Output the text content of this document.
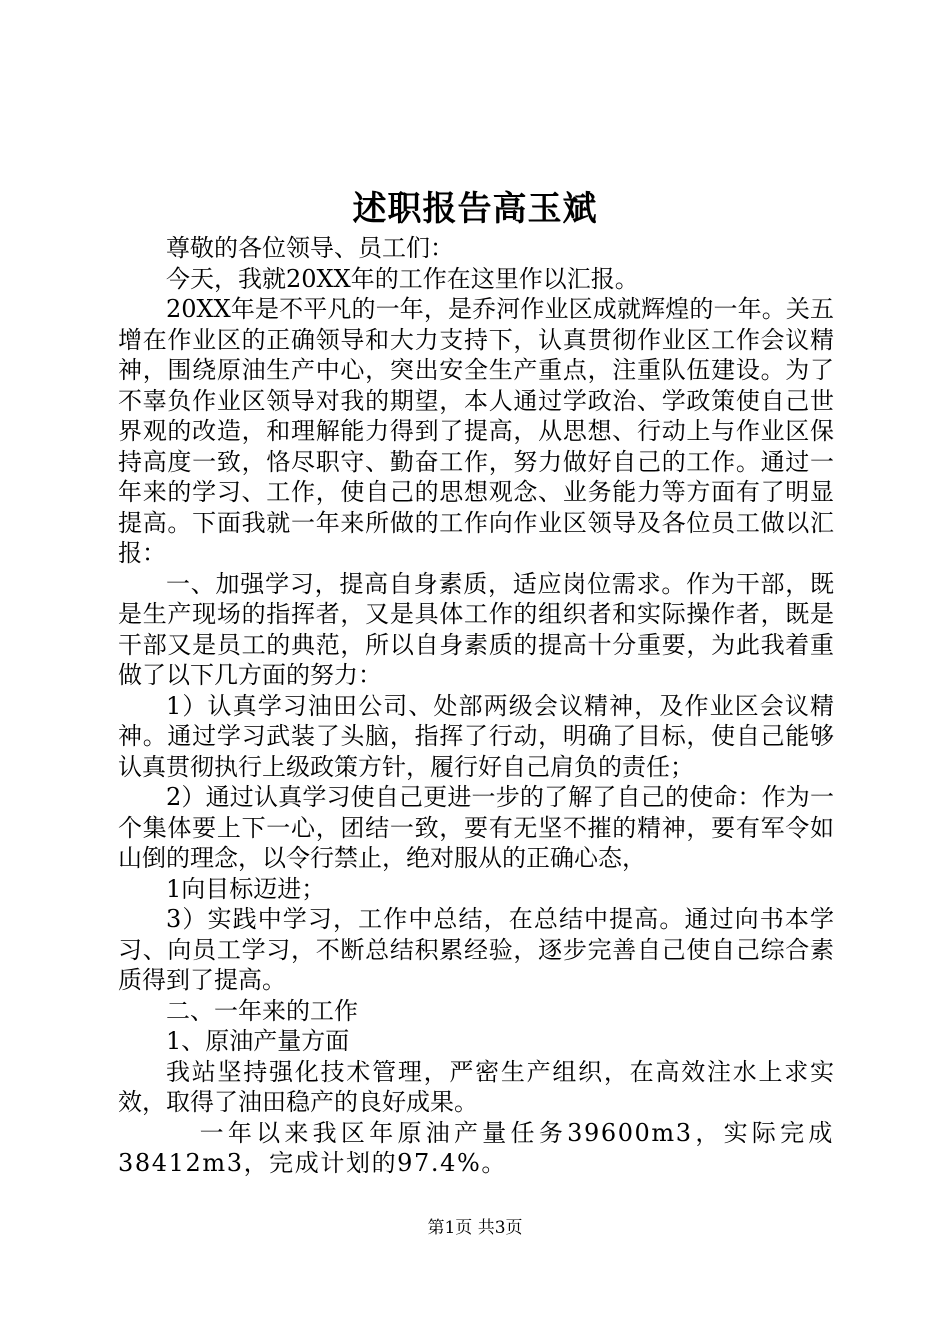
述职报告高玉斌

尊敬的各位领导、员工们：

今天，我就20XX年的工作在这里作以汇报。

20XX年是不平凡的一年，是乔河作业区成就辉煌的一年。关五增在作业区的正确领导和大力支持下，认真贯彻作业区工作会议精神，围绕原油生产中心，突出安全生产重点，注重队伍建设。为了不辜负作业区领导对我的期望，本人通过学政治、学政策使自己世界观的改造，和理解能力得到了提高，从思想、行动上与作业区保持高度一致，恪尽职守、勤奋工作，努力做好自己的工作。通过一年来的学习、工作，使自己的思想观念、业务能力等方面有了明显提高。下面我就一年来所做的工作向作业区领导及各位员工做以汇报：

一、加强学习，提高自身素质，适应岗位需求。作为干部，既是生产现场的指挥者，又是具体工作的组织者和实际操作者，既是干部又是员工的典范，所以自身素质的提高十分重要，为此我着重做了以下几方面的努力：

1）认真学习油田公司、处部两级会议精神，及作业区会议精神。通过学习武装了头脑，指挥了行动，明确了目标，使自己能够认真贯彻执行上级政策方针，履行好自己肩负的责任；

2）通过认真学习使自己更进一步的了解了自己的使命：作为一个集体要上下一心，团结一致，要有无坚不摧的精神，要有军令如山倒的理念，以令行禁止，绝对服从的正确心态，

1向目标迈进；

3）实践中学习，工作中总结，在总结中提高。通过向书本学习、向员工学习，不断总结积累经验，逐步完善自己使自己综合素质得到了提高。

二、一年来的工作

1、原油产量方面

我站坚持强化技术管理，严密生产组织，在高效注水上求实效，取得了油田稳产的良好成果。

一年以来我区年原油产量任务39600m3，实际完成38412m3，完成计划的97.4%。

第1页 共3页
